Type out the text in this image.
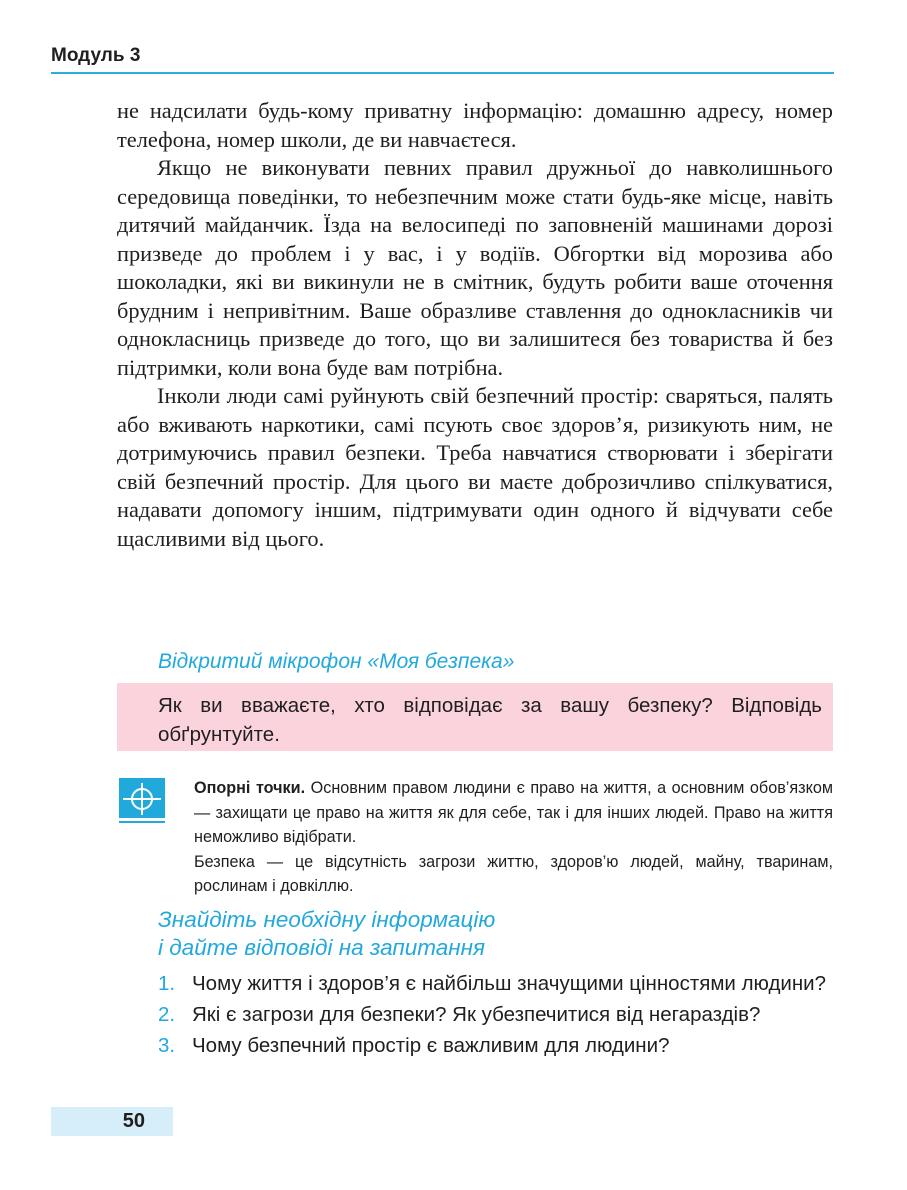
Модуль 3

не надсилати будь-кому приватну інформацію: домашню адресу, номер телефона, номер школи, де ви навчаєтеся.

Якщо не виконувати певних правил дружньої до навколишнього середовища поведінки, то небезпечним може стати будь-яке місце, навіть дитячий майданчик. Їзда на велосипеді по заповненій машинами дорозі призведе до проблем і у вас, і у водіїв. Обгортки від морозива або шоколадки, які ви викинули не в смітник, будуть робити ваше оточення брудним і непривітним. Ваше образливе ставлення до однокласників чи однокласниць призведе до того, що ви залишитеся без товариства й без підтримки, коли вона буде вам потрібна.

Інколи люди самі руйнують свій безпечний простір: сваряться, палять або вживають наркотики, самі псують своє здоров’я, ризикують ним, не дотримуючись правил безпеки. Треба навчатися створювати і зберігати свій безпечний простір. Для цього ви маєте доброзичливо спілкуватися, надавати допомогу іншим, підтримувати один одного й відчувати себе щасливими від цього.

Відкритий мікрофон «Моя безпека»
Як ви вважаєте, хто відповідає за вашу безпеку? Відповідь обґрунтуйте.

Опорні точки. Основним правом людини є право на життя, а основним обов’язком — захищати це право на життя як для себе, так і для інших людей. Право на життя неможливо відібрати.

Безпека — це відсутність загрози життю, здоров’ю людей, майну, тваринам, рослинам і довкіллю.

Знайдіть необхідну інформацію
і дайте відповіді на запитання
1. Чому життя і здоров’я є найбільш значущими цінностями людини?
2. Які є загрози для безпеки? Як убезпечитися від негараздів?
3. Чому безпечний простір є важливим для людини?
50
